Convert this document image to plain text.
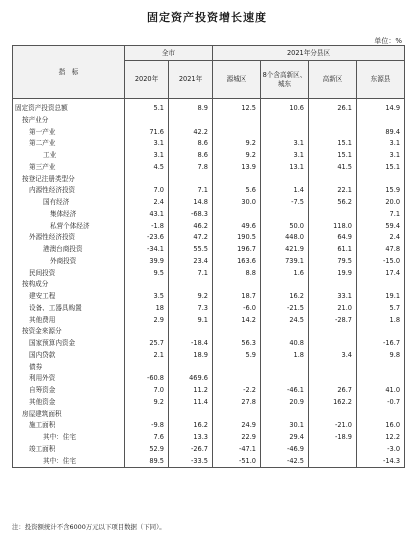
固定资产投资增长速度
单位：%
指　标	全市		2021年分县区			
	2020年	2021年	源城区	8个含高新区、城东	高新区	东源县
固定资产投资总额	5.1	8.9	12.5	10.6	26.1	14.9
按产业分						
第一产业	71.6	42.2				89.4
第二产业	3.1	8.6	9.2	3.1	15.1	3.1
工业	3.1	8.6	9.2	3.1	15.1	3.1
第三产业	4.5	7.8	13.9	13.1	41.5	15.1
按登记注册类型分						
内源性经济投资	7.0	7.1	5.6	1.4	22.1	15.9
国有经济	2.4	14.8	30.0	-7.5	56.2	20.0
集体经济	43.1	-68.3				7.1
私营个体经济	-1.8	46.2	49.6	50.0	118.0	59.4
外源性经济投资	-23.6	47.2	190.5	448.0	64.9	2.4
港澳台商投资	-34.1	55.5	196.7	421.9	61.1	47.8
外商投资	39.9	23.4	163.6	739.1	79.5	-15.0
民间投资	9.5	7.1	8.8	1.6	19.9	17.4
按构成分						
建安工程	3.5	9.2	18.7	16.2	33.1	19.1
设备、工器具购置	18	7.3	-6.0	-21.5	21.0	5.7
其他费用	2.9	9.1	14.2	24.5	-28.7	1.8
按资金来源分						
国家预算内资金	25.7	-18.4	56.3	40.8		-16.7
国内贷款	2.1	18.9	5.9	1.8	3.4	9.8
债券						
利用外资	-60.8	469.6				
自筹资金	7.0	11.2	-2.2	-46.1	26.7	41.0
其他资金	9.2	11.4	27.8	20.9	162.2	-0.7
房屋建筑面积						
施工面积	-9.8	16.2	24.9	30.1	-21.0	16.0
其中：住宅	7.6	13.3	22.9	29.4	-18.9	12.2
竣工面积	52.9	-26.7	-47.1	-46.9		-3.0
其中：住宅	89.5	-33.5	-51.0	-42.5		-14.3
注：投资额统计不含6000万元以下项目数据（下同）。
